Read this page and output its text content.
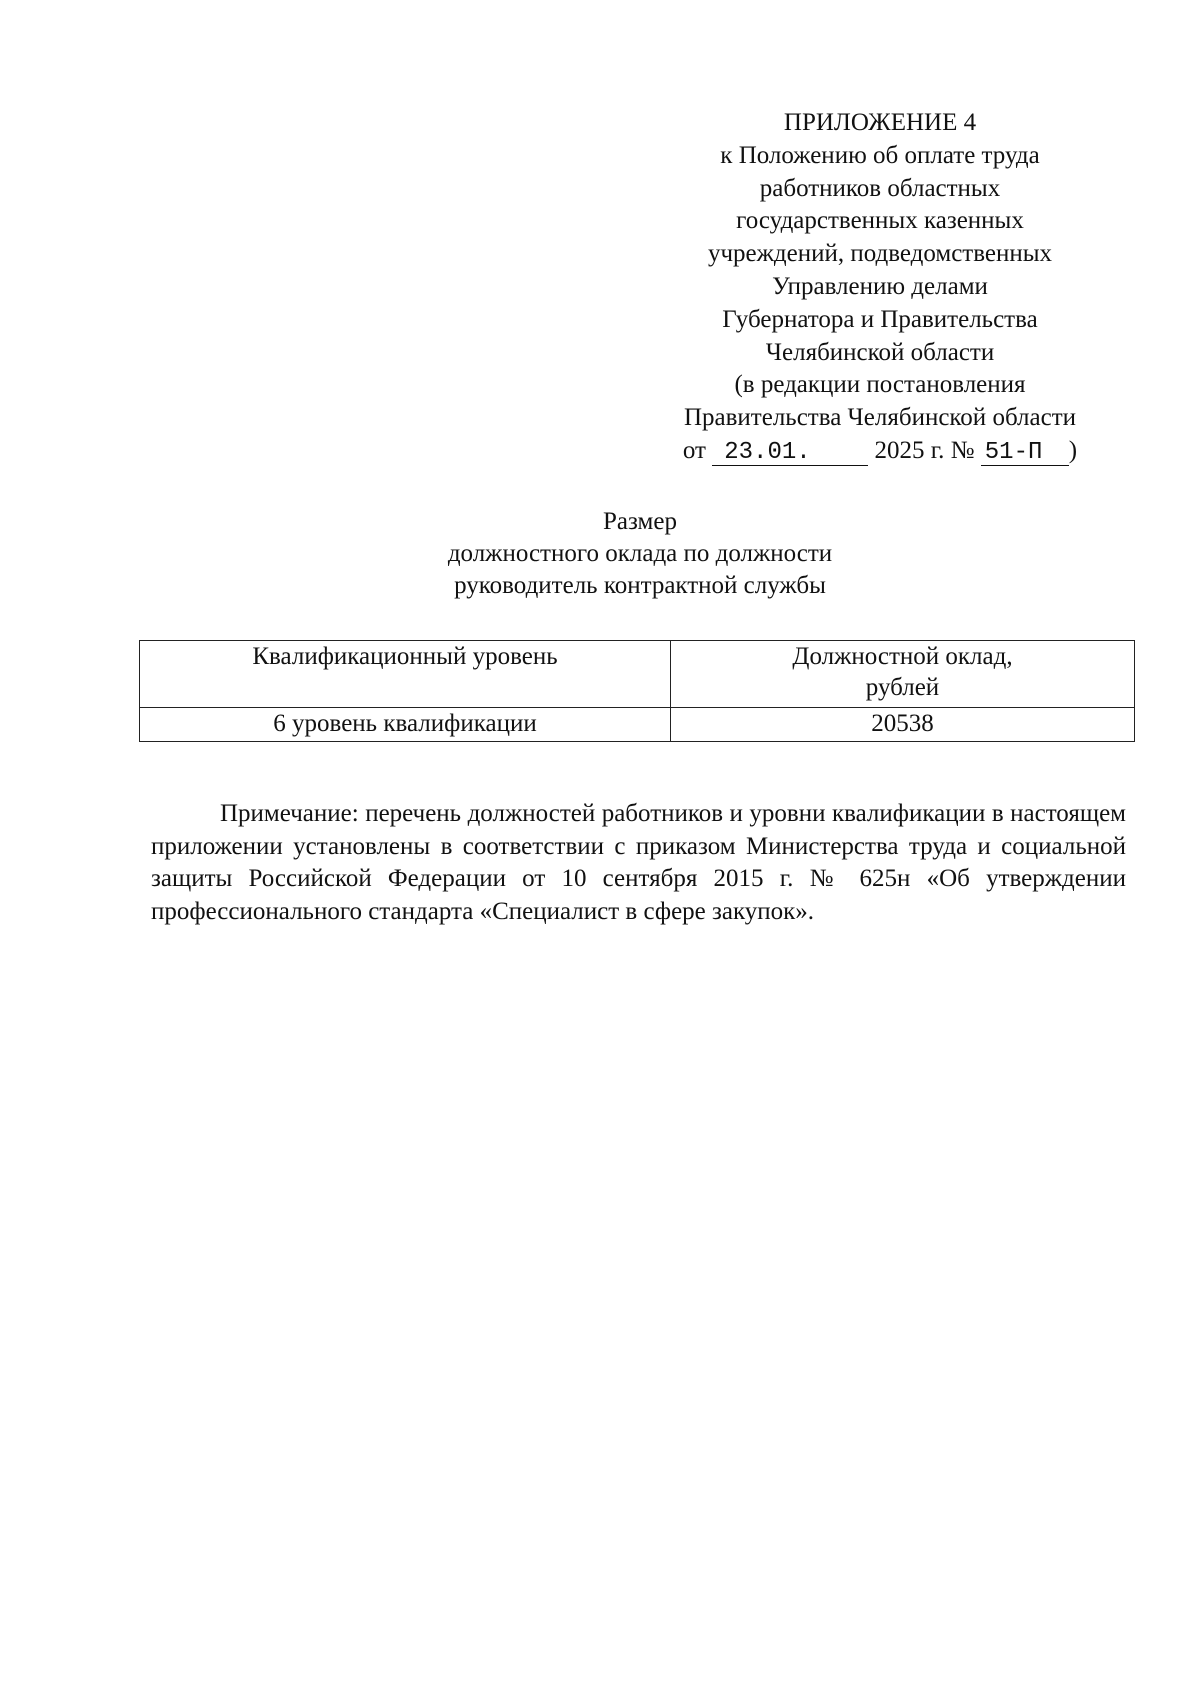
ПРИЛОЖЕНИЕ 4
к Положению об оплате труда
работников областных
государственных казенных
учреждений, подведомственных
Управлению делами
Губернатора и Правительства
Челябинской области
(в редакции постановления
Правительства Челябинской области
от 23.01.	2025 г. № 51-П )
Размер
должностного оклада по должности
руководитель контрактной службы
Квалификационный уровень	Должностной оклад,
рублей
6 уровень квалификации	20538

Примечание: перечень должностей работников и уровни квалификации в настоящем приложении установлены в соответствии с приказом Министерства труда и социальной защиты Российской Федерации от 10 сентября 2015 г. № 625н «Об утверждении профессионального стандарта «Специалист в сфере закупок».
